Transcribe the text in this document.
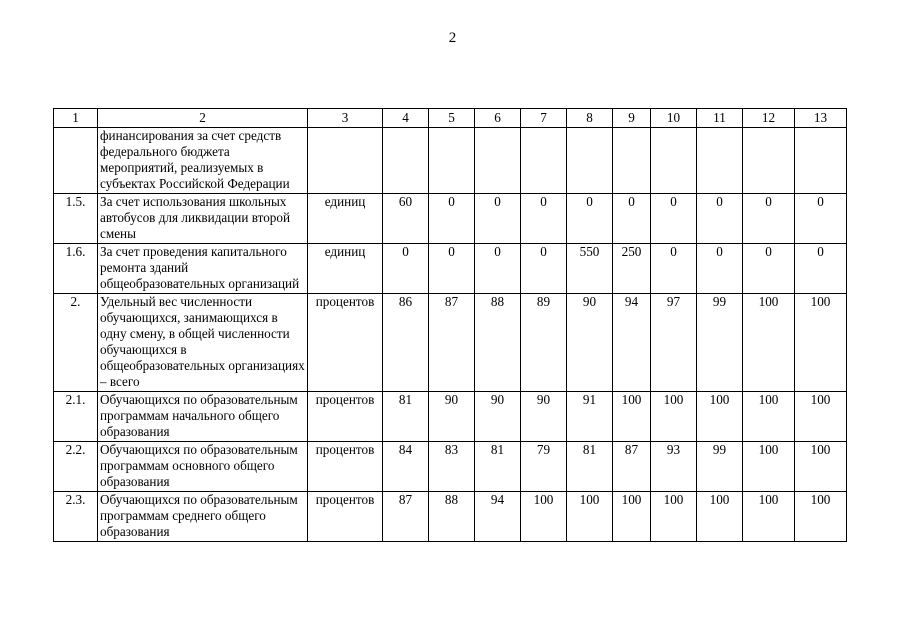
2
1	2	3	4	5	6	7	8	9	10	11	12	13
	финансирования за счет средств федерального бюджета мероприятий, реализуемых в субъектах Российской Федерации											
1.5.	За счет использования школьных автобусов для ликвидации второй смены	единиц	60	0	0	0	0	0	0	0	0	0
1.6.	За счет проведения капитального ремонта зданий общеобразовательных организаций	единиц	0	0	0	0	550	250	0	0	0	0
2.	Удельный вес численности обучающихся, занимающихся в одну смену, в общей численности обучающихся в общеобразовательных организациях – всего	процентов	86	87	88	89	90	94	97	99	100	100
2.1.	Обучающихся по образовательным программам начального общего образования	процентов	81	90	90	90	91	100	100	100	100	100
2.2.	Обучающихся по образовательным программам основного общего образования	процентов	84	83	81	79	81	87	93	99	100	100
2.3.	Обучающихся по образовательным программам среднего общего образования	процентов	87	88	94	100	100	100	100	100	100	100
